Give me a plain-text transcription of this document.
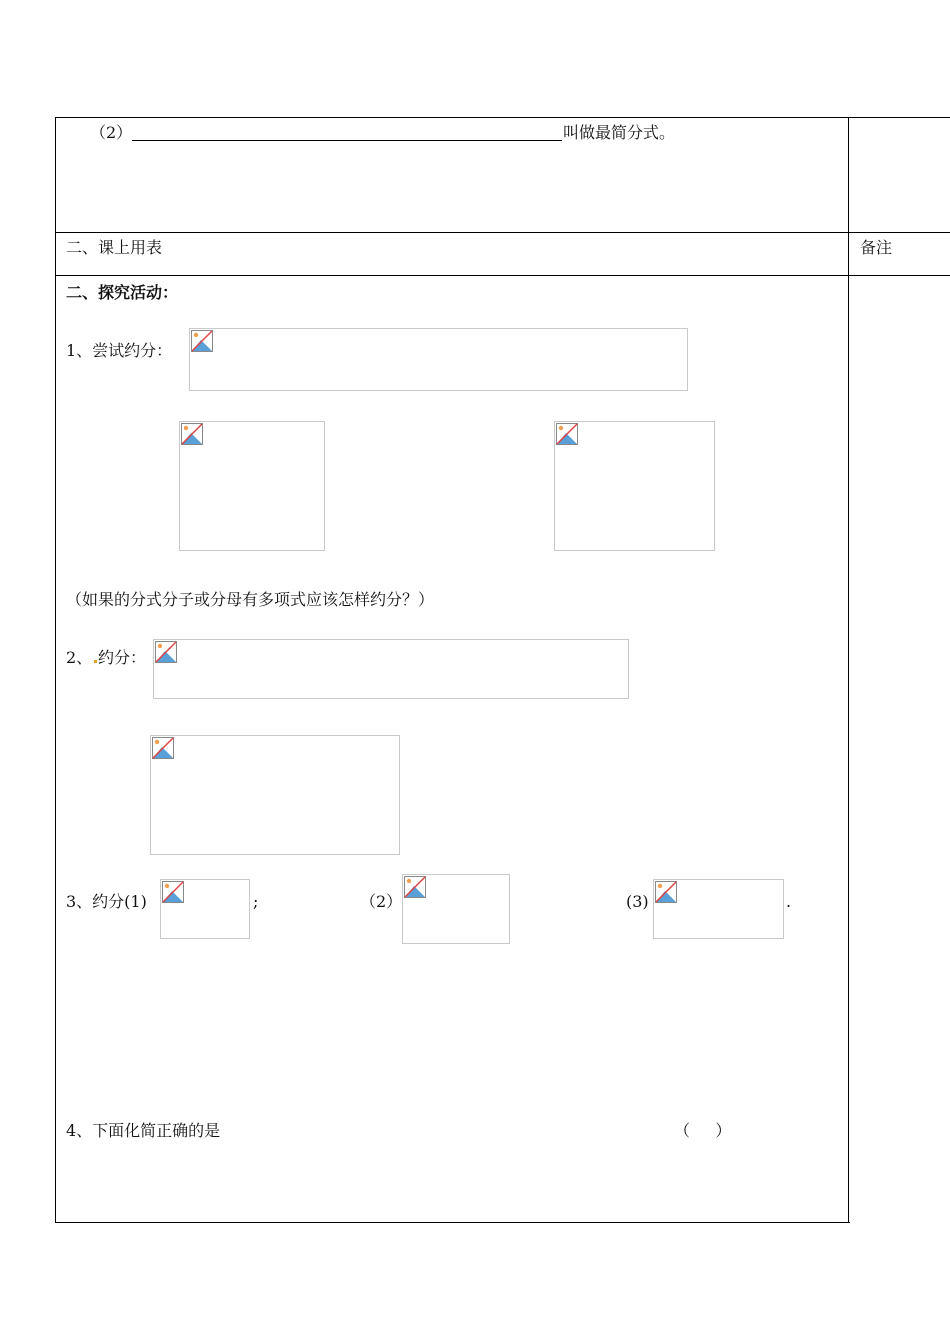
（2）	叫做最简分式。
二、课上用表	备注
二、探究活动：
1、尝试约分：
（如果的分式分子或分母有多项式应该怎样约分？）
2、 约分：
3、约分(1)	;	（2）	(3)	.
4、下面化简正确的是	（     ）
